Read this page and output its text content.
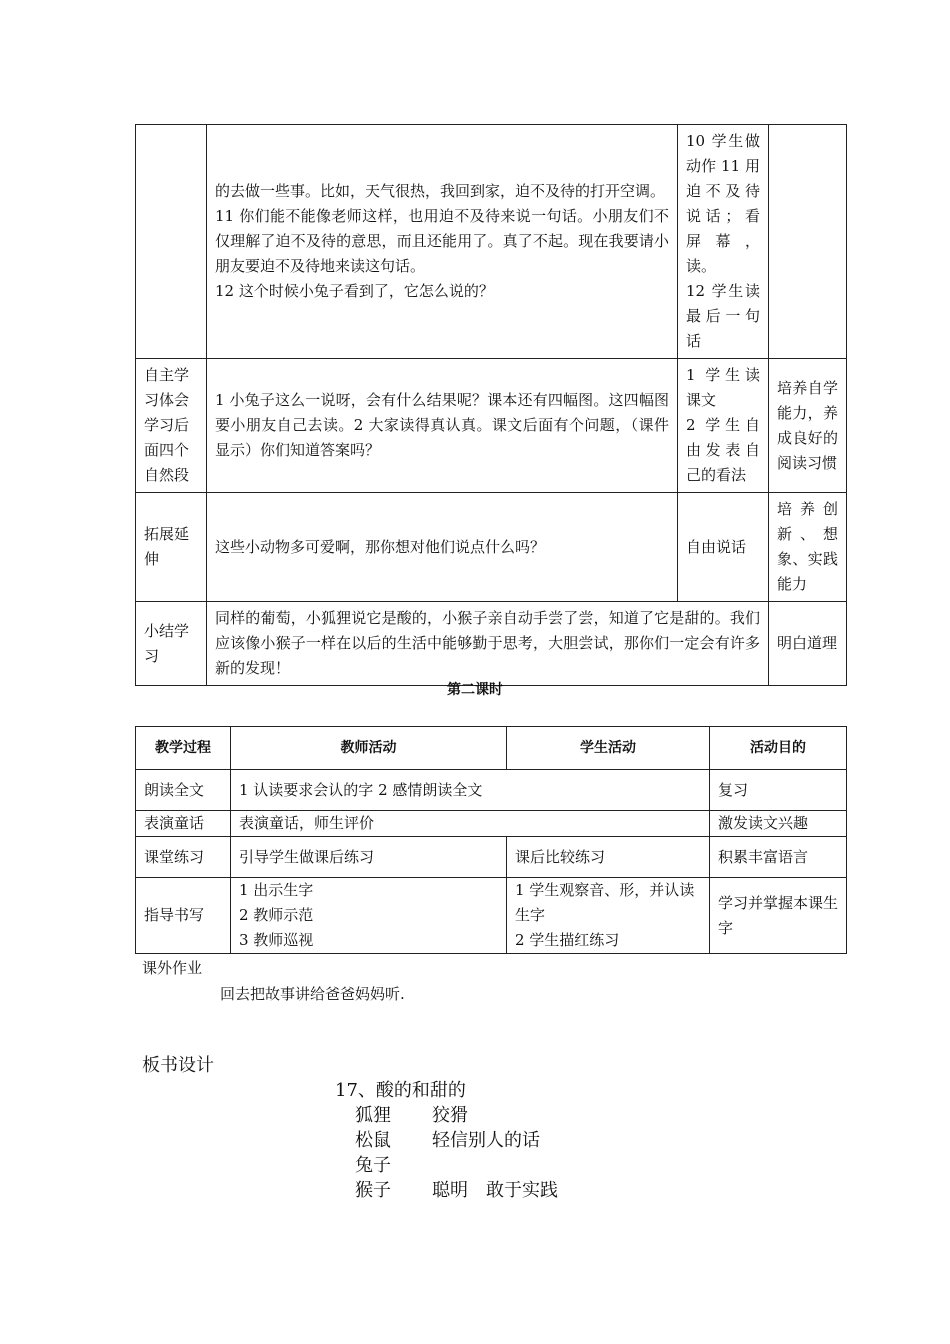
	的去做一些事。比如，天气很热，我回到家，迫不及待的打开空调。
11 你们能不能像老师这样，也用迫不及待来说一句话。小朋友们不仅理解了迫不及待的意思，而且还能用了。真了不起。现在我要请小朋友要迫不及待地来读这句话。
12 这个时候小兔子看到了，它怎么说的？	10 学生做动作 11 用迫不及待说话；看屏幕，读。
12 学生读最后一句话	
自主学习体会学习后面四个自然段	1 小兔子这么一说呀，会有什么结果呢？课本还有四幅图。这四幅图要小朋友自己去读。2 大家读得真认真。课文后面有个问题，（课件显示）你们知道答案吗？	1 学生读课文
2 学生自由发表自己的看法	培养自学能力，养成良好的阅读习惯
拓展延伸	这些小动物多可爱啊，那你想对他们说点什么吗？	自由说话	培养创新、想象、实践能力
小结学习	同样的葡萄，小狐狸说它是酸的，小猴子亲自动手尝了尝，知道了它是甜的。我们应该像小猴子一样在以后的生活中能够勤于思考，大胆尝试，那你们一定会有许多新的发现！		明白道理
第二课时
教学过程	教师活动	学生活动	活动目的
朗读全文	1 认读要求会认的字 2 感情朗读全文		复习
表演童话	表演童话，师生评价		激发读文兴趣
课堂练习	引导学生做课后练习	课后比较练习	积累丰富语言
指导书写	1 出示生字
2 教师示范
3 教师巡视	1 学生观察音、形，并认读生字
2 学生描红练习	学习并掌握本课生字
课外作业
回去把故事讲给爸爸妈妈听.
板书设计
17、酸的和甜的
狐狸 狡猾
松鼠 轻信别人的话
兔子
猴子 聪明　敢于实践
